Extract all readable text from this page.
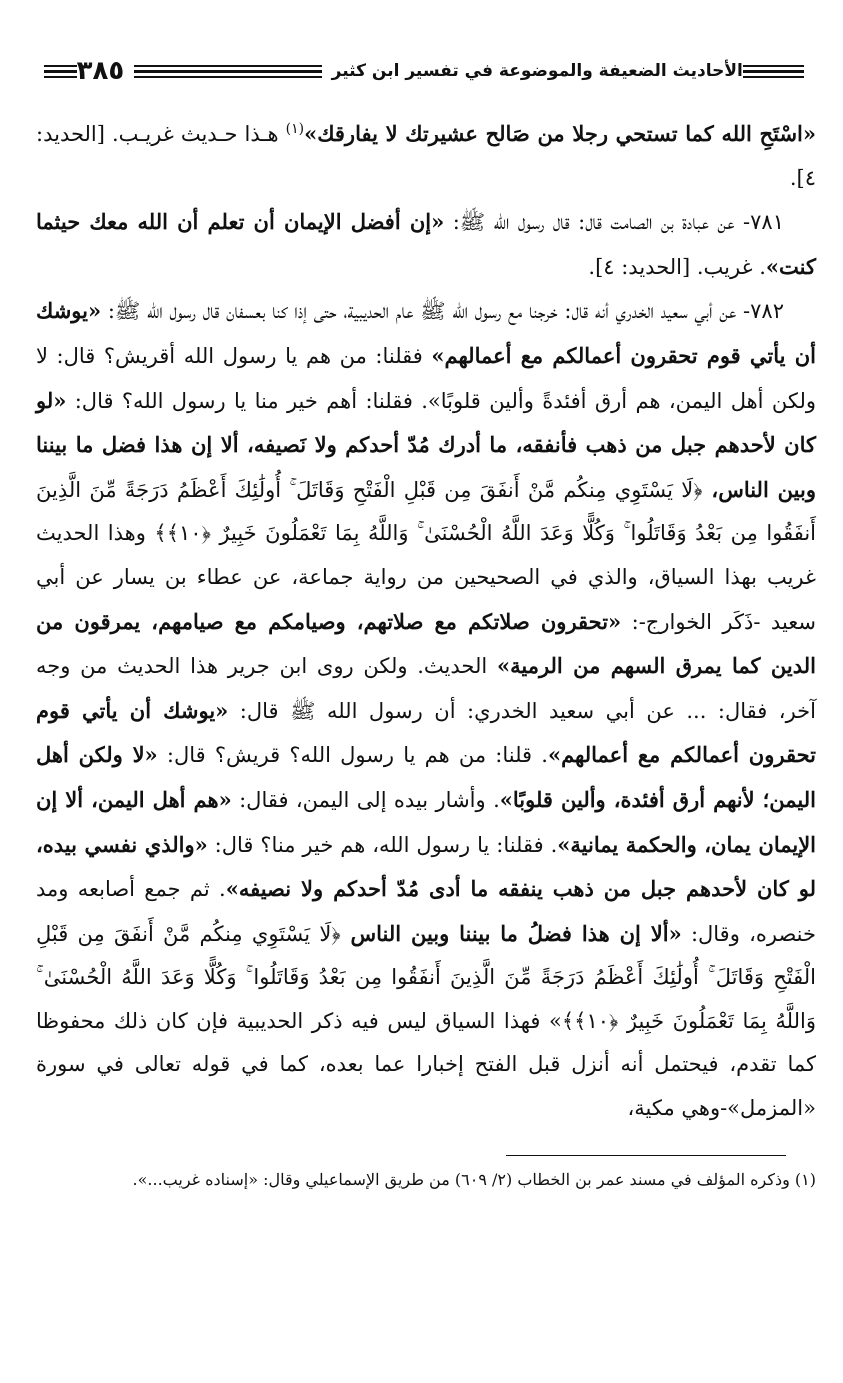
الأحاديث الضعيفة والموضوعة في تفسير ابن كثير
٣٨٥

«اسْتَحِ الله كما تستحي رجلا من صَالح عشيرتك لا يفارقك»$^{(١)}$ هـذا حـديث غريـب. [الحديد: ٤].

٧٨١- عن عبادة بن الصامت قال: قال رسول الله ﷺ: «إن أفضل الإيمان أن تعلم أن الله معك حيثما كنت». غريب. [الحديد: ٤].

٧٨٢- عن أبي سعيد الخدري أنه قال: خرجنا مع رسول الله ﷺ عام الحديبية، حتى إذا كنا بعسفان قال رسول الله ﷺ: «يوشك أن يأتي قوم تحقرون أعمالكم مع أعمالهم» فقلنا: من هم يا رسول الله أقريش؟ قال: لا ولكن أهل اليمن، هم أرق أفئدةً وألين قلوبًا». فقلنا: أهم خير منا يا رسول الله؟ قال: «لو كان لأحدهم جبل من ذهب فأنفقه، ما أدرك مُدّ أحدكم ولا نَصيفه، ألا إن هذا فضل ما بيننا وبين الناس، ﴿لَا يَسْتَوِي مِنكُم مَّنْ أَنفَقَ مِن قَبْلِ الْفَتْحِ وَقَاتَلَ ۚ أُولَٰئِكَ أَعْظَمُ دَرَجَةً مِّنَ الَّذِينَ أَنفَقُوا مِن بَعْدُ وَقَاتَلُوا ۚ وَكُلًّا وَعَدَ اللَّهُ الْحُسْنَىٰ ۚ وَاللَّهُ بِمَا تَعْمَلُونَ خَبِيرٌ ﴿١٠﴾﴾ وهذا الحديث غريب بهذا السياق، والذي في الصحيحين من رواية جماعة، عن عطاء بن يسار عن أبي سعيد -ذَكَر الخوارج-: «تحقرون صلاتكم مع صلاتهم، وصيامكم مع صيامهم، يمرقون من الدين كما يمرق السهم من الرمية» الحديث. ولكن روى ابن جرير هذا الحديث من وجه آخر، فقال: ... عن أبي سعيد الخدري: أن رسول الله ﷺ قال: «يوشك أن يأتي قوم تحقرون أعمالكم مع أعمالهم». قلنا: من هم يا رسول الله؟ قريش؟ قال: «لا ولكن أهل اليمن؛ لأنهم أرق أفئدة، وألين قلوبًا». وأشار بيده إلى اليمن، فقال: «هم أهل اليمن، ألا إن الإيمان يمان، والحكمة يمانية». فقلنا: يا رسول الله، هم خير منا؟ قال: «والذي نفسي بيده، لو كان لأحدهم جبل من ذهب ينفقه ما أدى مُدّ أحدكم ولا نصيفه». ثم جمع أصابعه ومد خنصره، وقال: «ألا إن هذا فضلُ ما بيننا وبين الناس ﴿لَا يَسْتَوِي مِنكُم مَّنْ أَنفَقَ مِن قَبْلِ الْفَتْحِ وَقَاتَلَ ۚ أُولَٰئِكَ أَعْظَمُ دَرَجَةً مِّنَ الَّذِينَ أَنفَقُوا مِن بَعْدُ وَقَاتَلُوا ۚ وَكُلًّا وَعَدَ اللَّهُ الْحُسْنَىٰ ۚ وَاللَّهُ بِمَا تَعْمَلُونَ خَبِيرٌ ﴿١٠﴾﴾» فهذا السياق ليس فيه ذكر الحديبية فإن كان ذلك محفوظا كما تقدم، فيحتمل أنه أنزل قبل الفتح إخبارا عما بعده، كما في قوله تعالى في سورة «المزمل»-وهي مكية،

(١) وذكره المؤلف في مسند عمر بن الخطاب (٢/ ٦٠٩) من طريق الإسماعيلي وقال: «إسناده غريب...».
